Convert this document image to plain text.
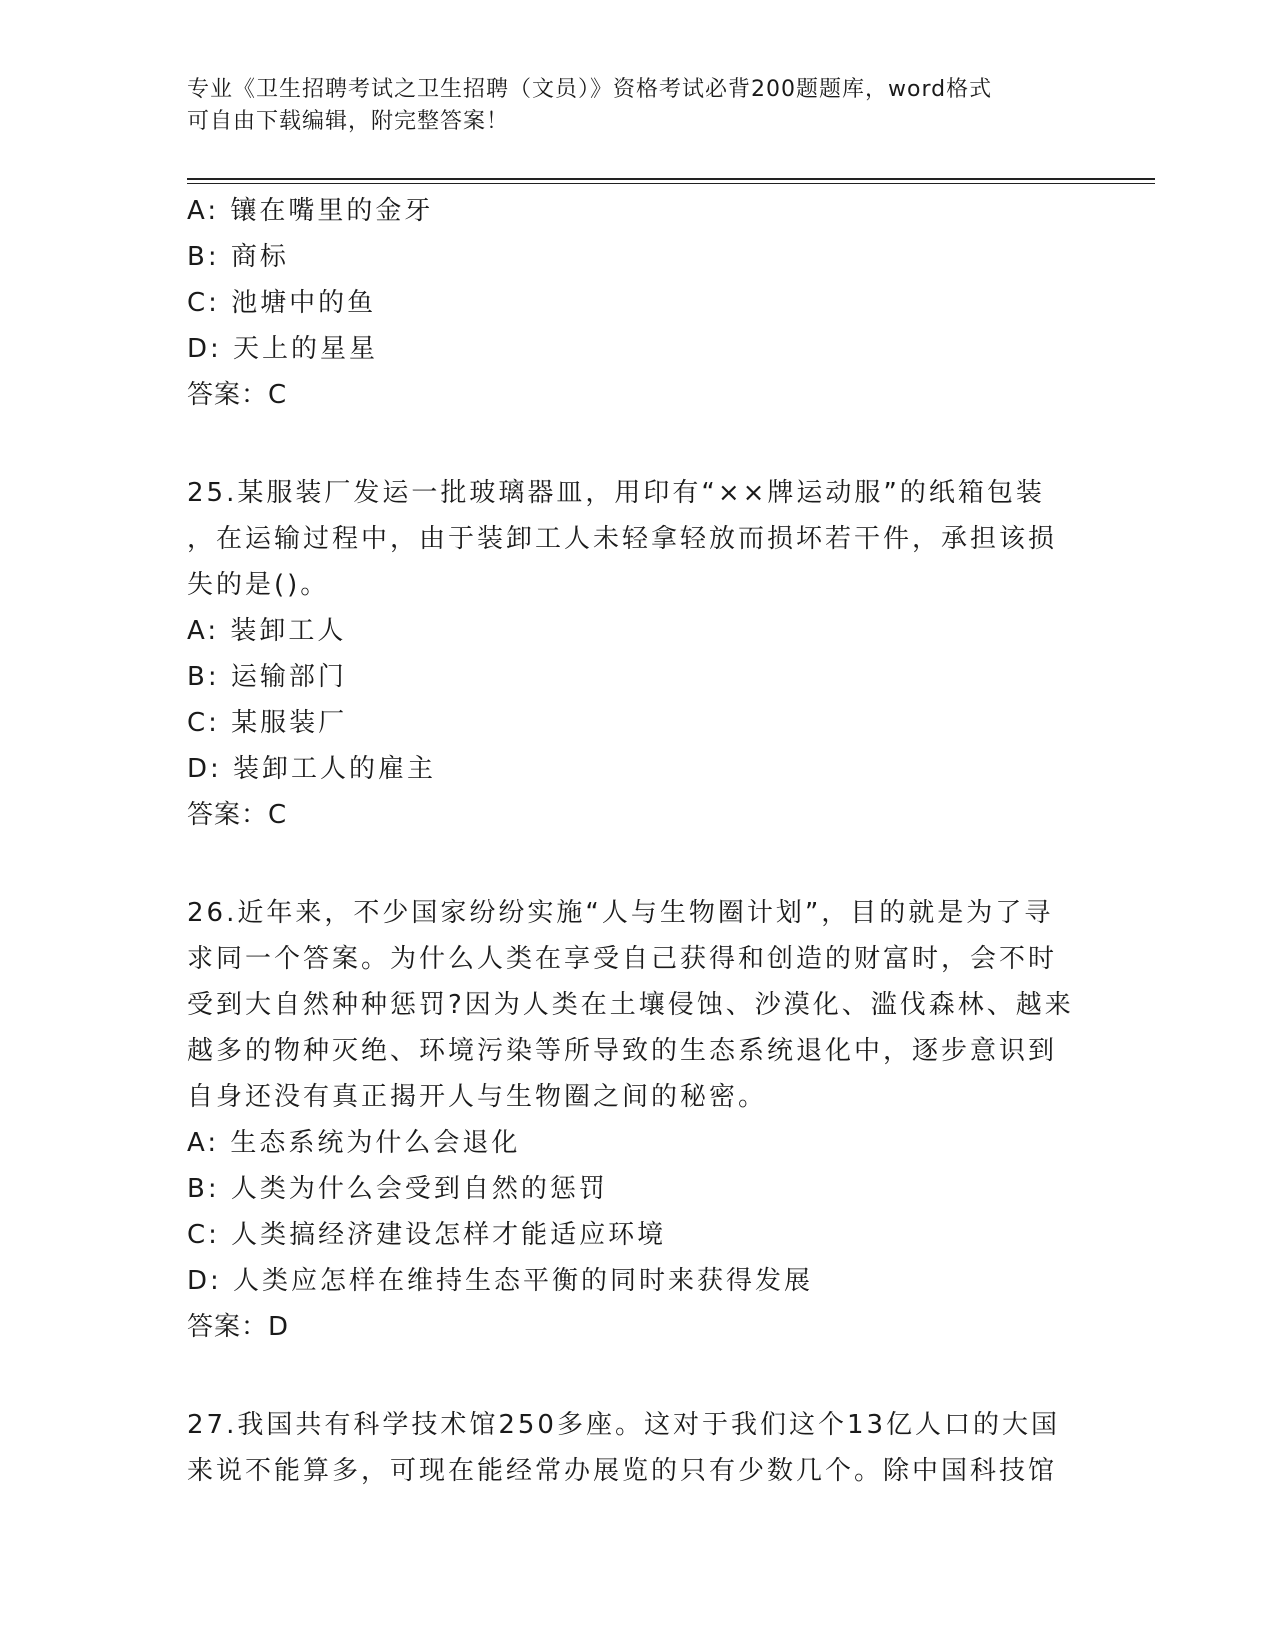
专业《卫生招聘考试之卫生招聘（文员）》资格考试必背200题题库，word格式
可自由下载编辑，附完整答案！
A: 镶在嘴里的金牙
B: 商标
C: 池塘中的鱼
D: 天上的星星
答案：C
25.某服装厂发运一批玻璃器皿，用印有“××牌运动服”的纸箱包装
，在运输过程中，由于装卸工人未轻拿轻放而损坏若干件，承担该损
失的是()。
A: 装卸工人
B: 运输部门
C: 某服装厂
D: 装卸工人的雇主
答案：C
26.近年来，不少国家纷纷实施“人与生物圈计划”，目的就是为了寻
求同一个答案。为什么人类在享受自己获得和创造的财富时，会不时
受到大自然种种惩罚?因为人类在土壤侵蚀、沙漠化、滥伐森林、越来
越多的物种灭绝、环境污染等所导致的生态系统退化中，逐步意识到
自身还没有真正揭开人与生物圈之间的秘密。
A: 生态系统为什么会退化
B: 人类为什么会受到自然的惩罚
C: 人类搞经济建设怎样才能适应环境
D: 人类应怎样在维持生态平衡的同时来获得发展
答案：D
27.我国共有科学技术馆250多座。这对于我们这个13亿人口的大国
来说不能算多，可现在能经常办展览的只有少数几个。除中国科技馆
